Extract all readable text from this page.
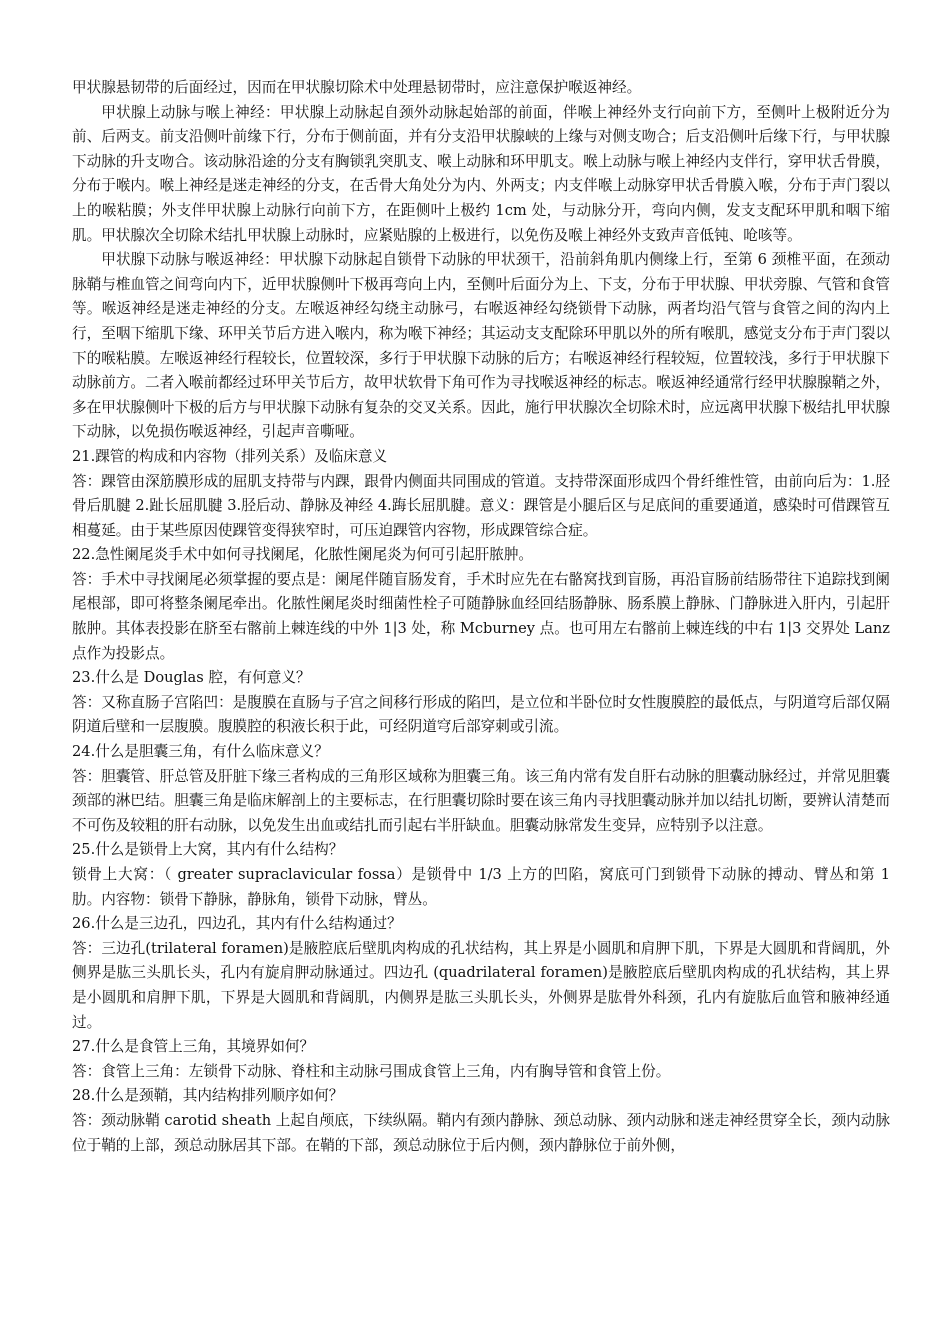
甲状腺悬韧带的后面经过，因而在甲状腺切除术中处理悬韧带时，应注意保护喉返神经。

甲状腺上动脉与喉上神经：甲状腺上动脉起自颈外动脉起始部的前面，伴喉上神经外支行向前下方，至侧叶上极附近分为前、后两支。前支沿侧叶前缘下行，分布于侧前面，并有分支沿甲状腺峡的上缘与对侧支吻合；后支沿侧叶后缘下行，与甲状腺下动脉的升支吻合。该动脉沿途的分支有胸锁乳突肌支、喉上动脉和环甲肌支。喉上动脉与喉上神经内支伴行，穿甲状舌骨膜，分布于喉内。喉上神经是迷走神经的分支，在舌骨大角处分为内、外两支；内支伴喉上动脉穿甲状舌骨膜入喉，分布于声门裂以上的喉粘膜；外支伴甲状腺上动脉行向前下方，在距侧叶上极约 1cm 处，与动脉分开，弯向内侧，发支支配环甲肌和咽下缩肌。甲状腺次全切除术结扎甲状腺上动脉时，应紧贴腺的上极进行，以免伤及喉上神经外支致声音低钝、呛咳等。

甲状腺下动脉与喉返神经：甲状腺下动脉起自锁骨下动脉的甲状颈干，沿前斜角肌内侧缘上行，至第 6 颈椎平面，在颈动脉鞘与椎血管之间弯向内下，近甲状腺侧叶下极再弯向上内，至侧叶后面分为上、下支，分布于甲状腺、甲状旁腺、气管和食管等。喉返神经是迷走神经的分支。左喉返神经勾绕主动脉弓，右喉返神经勾绕锁骨下动脉，两者均沿气管与食管之间的沟内上行，至咽下缩肌下缘、环甲关节后方进入喉内，称为喉下神经；其运动支支配除环甲肌以外的所有喉肌，感觉支分布于声门裂以下的喉粘膜。左喉返神经行程较长，位置较深，多行于甲状腺下动脉的后方；右喉返神经行程较短，位置较浅，多行于甲状腺下动脉前方。二者入喉前都经过环甲关节后方，故甲状软骨下角可作为寻找喉返神经的标志。喉返神经通常行经甲状腺腺鞘之外，多在甲状腺侧叶下极的后方与甲状腺下动脉有复杂的交叉关系。因此，施行甲状腺次全切除术时，应远离甲状腺下极结扎甲状腺下动脉，以免损伤喉返神经，引起声音嘶哑。

21.踝管的构成和内容物（排列关系）及临床意义

答：踝管由深筋膜形成的屈肌支持带与内踝，跟骨内侧面共同围成的管道。支持带深面形成四个骨纤维性管，由前向后为：1.胫骨后肌腱 2.趾长屈肌腱 3.胫后动、静脉及神经 4.踇长屈肌腱。意义：踝管是小腿后区与足底间的重要通道，感染时可借踝管互相蔓延。由于某些原因使踝管变得狭窄时，可压迫踝管内容物，形成踝管综合症。

22.急性阑尾炎手术中如何寻找阑尾，化脓性阑尾炎为何可引起肝脓肿。

答：手术中寻找阑尾必须掌握的要点是：阑尾伴随盲肠发育，手术时应先在右骼窝找到盲肠，再沿盲肠前结肠带往下追踪找到阑尾根部，即可将整条阑尾牵出。化脓性阑尾炎时细菌性栓子可随静脉血经回结肠静脉、肠系膜上静脉、门静脉进入肝内，引起肝脓肿。其体表投影在脐至右髂前上棘连线的中外 1|3 处，称 Mcburney 点。也可用左右髂前上棘连线的中右 1|3 交界处 Lanz 点作为投影点。

23.什么是 Douglas 腔，有何意义？

答：又称直肠子宫陷凹：是腹膜在直肠与子宫之间移行形成的陷凹，是立位和半卧位时女性腹膜腔的最低点，与阴道穹后部仅隔阴道后壁和一层腹膜。腹膜腔的积液长积于此，可经阴道穹后部穿刺或引流。

24.什么是胆囊三角，有什么临床意义？

答：胆囊管、肝总管及肝脏下缘三者构成的三角形区域称为胆囊三角。该三角内常有发自肝右动脉的胆囊动脉经过，并常见胆囊颈部的淋巴结。胆囊三角是临床解剖上的主要标志，在行胆囊切除时要在该三角内寻找胆囊动脉并加以结扎切断，要辨认清楚而不可伤及较粗的肝右动脉，以免发生出血或结扎而引起右半肝缺血。胆囊动脉常发生变异，应特别予以注意。

25.什么是锁骨上大窝，其内有什么结构？

锁骨上大窝：（ greater supraclavicular fossa）是锁骨中 1/3 上方的凹陷，窝底可门到锁骨下动脉的搏动、臂丛和第 1 肋。内容物：锁骨下静脉，静脉角，锁骨下动脉，臂丛。

26.什么是三边孔，四边孔，其内有什么结构通过？

答：三边孔(trilateral foramen)是腋腔底后壁肌肉构成的孔状结构，其上界是小圆肌和肩胛下肌，下界是大圆肌和背阔肌，外侧界是肱三头肌长头，孔内有旋肩胛动脉通过。四边孔 (quadrilateral foramen)是腋腔底后壁肌肉构成的孔状结构，其上界是小圆肌和肩胛下肌，下界是大圆肌和背阔肌，内侧界是肱三头肌长头，外侧界是肱骨外科颈，孔内有旋肱后血管和腋神经通过。

27.什么是食管上三角，其境界如何？

答：食管上三角：左锁骨下动脉、脊柱和主动脉弓围成食管上三角，内有胸导管和食管上份。

28.什么是颈鞘，其内结构排列顺序如何？

答：颈动脉鞘 carotid sheath 上起自颅底，下续纵隔。鞘内有颈内静脉、颈总动脉、颈内动脉和迷走神经贯穿全长，颈内动脉位于鞘的上部，颈总动脉居其下部。在鞘的下部，颈总动脉位于后内侧，颈内静脉位于前外侧，
